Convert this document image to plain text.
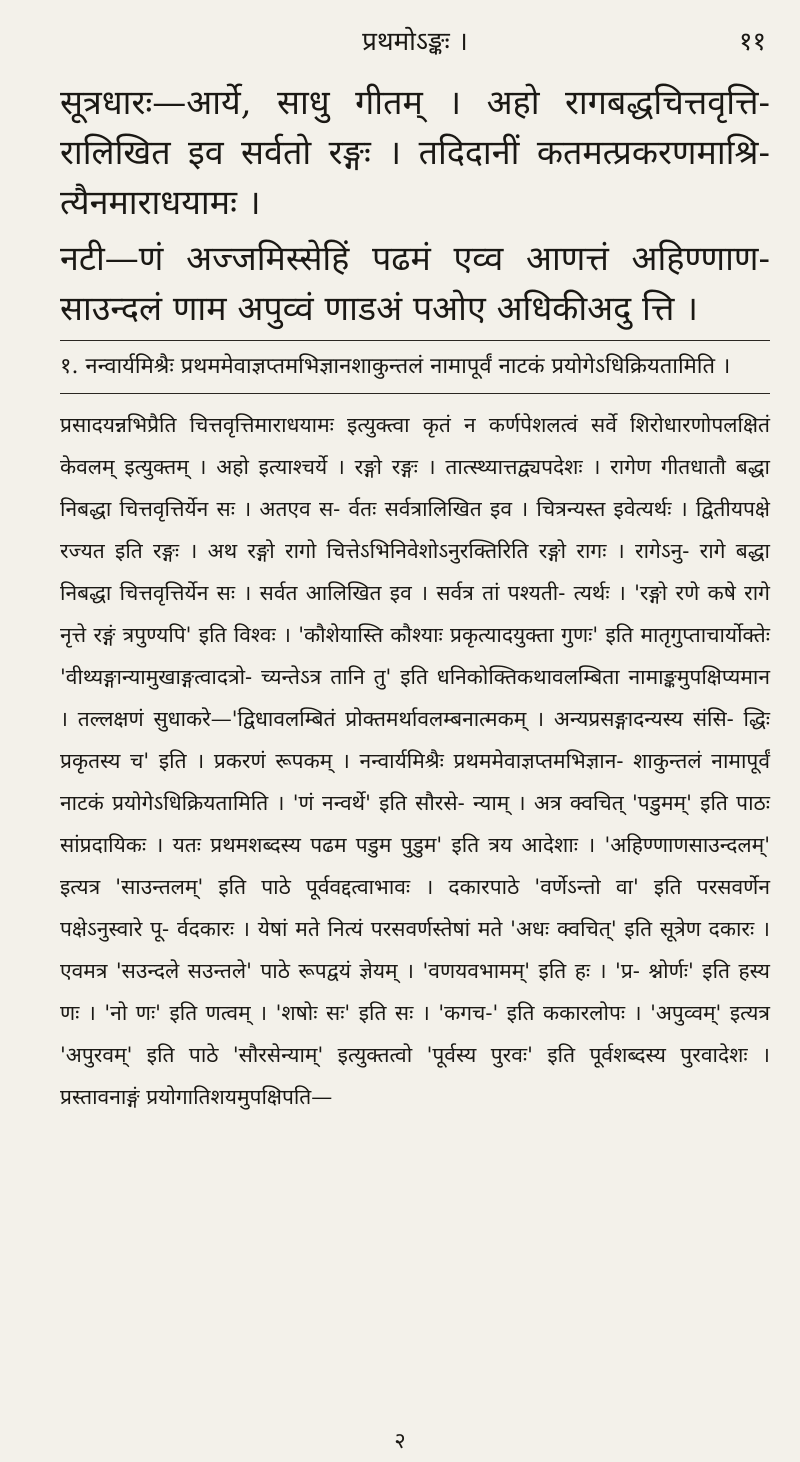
प्रथमोऽङ्कः ।	११

सूत्रधारः—आर्ये, साधु गीतम् । अहो रागबद्धचित्तवृत्ति- रालिखित इव सर्वतो रङ्गः । तदिदानीं कतमत्प्रकरणमाश्रि- त्यैनमाराधयामः ।

नटी—णं अज्जमिस्सेहिं पढमं एव्व आणत्तं अहिण्णाण- साउन्दलं णाम अपुव्वं णाडअं पओए अधिकीअदु त्ति ।

१. नन्वार्यमिश्रैः प्रथममेवाज्ञप्तमभिज्ञानशाकुन्तलं नामापूर्वं नाटकं प्रयोगेऽधिक्रियतामिति ।
प्रसादयन्नभिप्रैति चित्तवृत्तिमाराधयामः इत्युक्त्वा कृतं न कर्णपेशलत्वं सर्वे शिरोधारणोपलक्षितं केवलम् इत्युक्तम् । अहो इत्याश्चर्ये । रङ्गो रङ्गः । तात्स्थ्यात्तद्व्यपदेशः । रागेण गीतधातौ बद्धा निबद्धा चित्तवृत्तिर्येन सः । अतएव स- र्वतः सर्वत्रालिखित इव । चित्रन्यस्त इवेत्यर्थः । द्वितीयपक्षे रज्यत इति रङ्गः । अथ रङ्गो रागो चित्तेऽभिनिवेशोऽनुरक्तिरिति रङ्गो रागः । रागेऽनु- रागे बद्धा निबद्धा चित्तवृत्तिर्येन सः । सर्वत आलिखित इव । सर्वत्र तां पश्यती- त्यर्थः । 'रङ्गो रणे कषे रागे नृत्ते रङ्गं त्रपुण्यपि' इति विश्वः । 'कौशेयास्ति कौश्याः प्रकृत्यादयुक्ता गुणः' इति मातृगुप्ताचार्योक्तेः 'वीथ्यङ्गान्यामुखाङ्गत्वादत्रो- च्यन्तेऽत्र तानि तु' इति धनिकोक्तिकथावलम्बिता नामाङ्कमुपक्षिप्यमान । तल्लक्षणं सुधाकरे—'द्विधावलम्बितं प्रोक्तमर्थावलम्बनात्मकम् । अन्यप्रसङ्गादन्यस्य संसि- द्धिः प्रकृतस्य च' इति । प्रकरणं रूपकम् । नन्वार्यमिश्रैः प्रथममेवाज्ञप्तमभिज्ञान- शाकुन्तलं नामापूर्वं नाटकं प्रयोगेऽधिक्रियतामिति । 'णं नन्वर्थे' इति सौरसे- न्याम् । अत्र क्वचित् 'पडुमम्' इति पाठः सांप्रदायिकः । यतः प्रथमशब्दस्य पढम पडुम पुडुम' इति त्रय आदेशाः । 'अहिण्णाणसाउन्दलम्' इत्यत्र 'साउन्तलम्' इति पाठे पूर्ववद्दत्वाभावः । दकारपाठे 'वर्णेऽन्तो वा' इति परसवर्णेन पक्षेऽनुस्वारे पू- र्वदकारः । येषां मते नित्यं परसवर्णस्तेषां मते 'अधः क्वचित्' इति सूत्रेण दकारः । एवमत्र 'सउन्दले सउन्तले' पाठे रूपद्वयं ज्ञेयम् । 'वणयवभामम्' इति हः । 'प्र- श्नोर्णः' इति हस्य णः । 'नो णः' इति णत्वम् । 'शषोः सः' इति सः । 'कगच-' इति ककारलोपः । 'अपुव्वम्' इत्यत्र 'अपुरवम्' इति पाठे 'सौरसेन्याम्' इत्युक्तत्वो 'पूर्वस्य पुरवः' इति पूर्वशब्दस्य पुरवादेशः । प्रस्तावनाङ्गं प्रयोगातिशयमुपक्षिपति—
२
